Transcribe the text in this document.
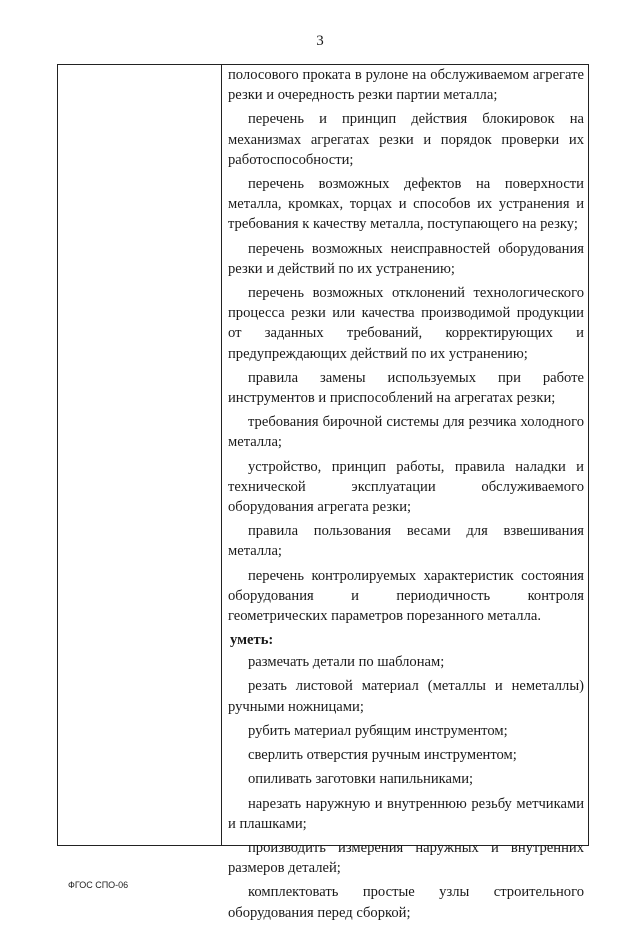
3

полосового проката в рулоне на обслуживаемом агрегате резки и очередность резки партии металла;

перечень и принцип действия блокировок на механизмах агрегатах резки и порядок проверки их работоспособности;

перечень возможных дефектов на поверхности металла, кромках, торцах и способов их устранения и требования к качеству металла, поступающего на резку;

перечень возможных неисправностей оборудования резки и действий по их устранению;

перечень возможных отклонений технологического процесса резки или качества производимой продукции от заданных требований, корректирующих и предупреждающих действий по их устранению;

правила замены используемых при работе инструментов и приспособлений на агрегатах резки;

требования бирочной системы для резчика холодного металла;

устройство, принцип работы, правила наладки и технической эксплуатации обслуживаемого оборудования агрегата резки;

правила пользования весами для взвешивания металла;

перечень контролируемых характеристик состояния оборудования и периодичность контроля геометрических параметров порезанного металла.

уметь:

размечать детали по шаблонам;

резать листовой материал (металлы и неметаллы) ручными ножницами;

рубить материал рубящим инструментом;

сверлить отверстия ручным инструментом;

опиливать заготовки напильниками;

нарезать наружную и внутреннюю резьбу метчиками и плашками;

производить измерения наружных и внутренних размеров деталей;

комплектовать простые узлы строительного оборудования перед сборкой;

ФГОС СПО-06
